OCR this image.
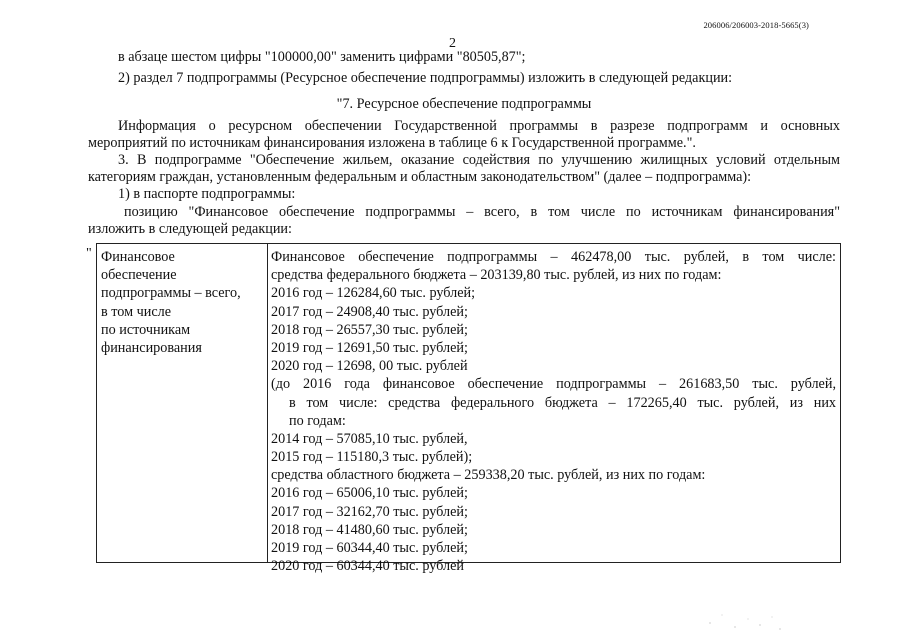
206006/206003-2018-5665(3)
2
в абзаце шестом цифры "100000,00" заменить цифрами "80505,87";
2) раздел 7 подпрограммы (Ресурсное обеспечение подпрограммы) изложить в следующей редакции:
"7. Ресурсное обеспечение подпрограммы
Информация о ресурсном обеспечении Государственной программы в разрезе подпрограмм и основных
мероприятий по источникам финансирования изложена в таблице 6 к Государственной программе.".
3. В подпрограмме "Обеспечение жильем, оказание содействия по улучшению жилищных условий отдельным
категориям граждан, установленным федеральным и областным законодательством" (далее – подпрограмма):
1) в паспорте подпрограммы:
позицию "Финансовое обеспечение подпрограммы – всего, в том числе по источникам финансирования"
изложить в следующей редакции:
" Финансовое
обеспечение
подпрограммы – всего,
в том числе
по источникам
финансирования
Финансовое обеспечение подпрограммы – 462478,00 тыс. рублей, в том числе:
средства федерального бюджета – 203139,80 тыс. рублей, из них по годам:
2016 год – 126284,60 тыс. рублей;
2017 год – 24908,40 тыс. рублей;
2018 год – 26557,30 тыс. рублей;
2019 год – 12691,50 тыс. рублей;
2020 год – 12698, 00 тыс. рублей
(до 2016 года финансовое обеспечение подпрограммы – 261683,50 тыс. рублей,
в том числе: средства федерального бюджета – 172265,40 тыс. рублей, из них
по годам:
2014 год – 57085,10 тыс. рублей,
2015 год – 115180,3 тыс. рублей);
средства областного бюджета – 259338,20 тыс. рублей, из них по годам:
2016 год – 65006,10 тыс. рублей;
2017 год – 32162,70 тыс. рублей;
2018 год – 41480,60 тыс. рублей;
2019 год – 60344,40 тыс. рублей;
2020 год – 60344,40 тыс. рублей
